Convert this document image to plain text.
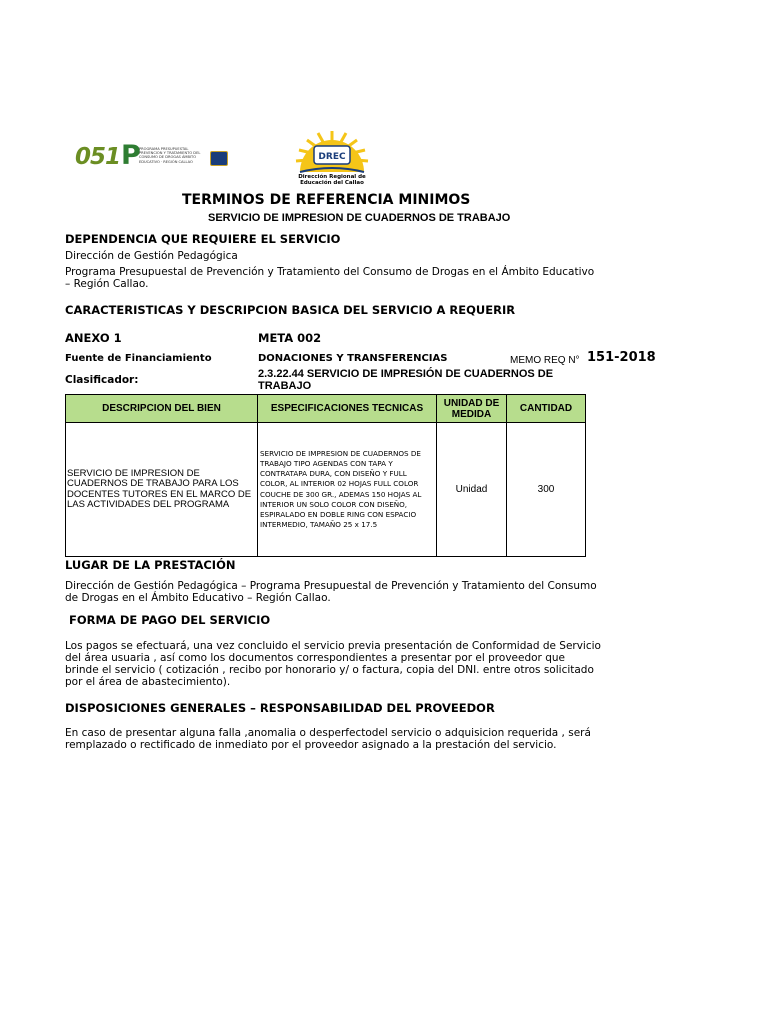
051 P
PROGRAMA PRESUPUESTAL PREVENCION Y TRATAMIENTO DEL CONSUMO DE DROGAS ÁMBITO EDUCATIVO · REGIÓN CALLAO	DREC
Dirección Regional de
Educación del Callao
TERMINOS DE REFERENCIA MINIMOS
SERVICIO DE IMPRESION DE CUADERNOS DE TRABAJO
DEPENDENCIA QUE REQUIERE EL SERVICIO
Dirección de Gestión Pedagógica
Programa Presupuestal de Prevención y Tratamiento del Consumo de Drogas en el Ámbito Educativo
– Región Callao.
CARACTERISTICAS Y DESCRIPCION BASICA DEL SERVICIO A REQUERIR
ANEXO 1	META 002
Fuente de Financiamiento	DONACIONES Y TRANSFERENCIAS	MEMO REQ N° 151-2018
Clasificador:	2.3.22.44 SERVICIO DE IMPRESIÓN DE CUADERNOS DE
TRABAJO
DESCRIPCION DEL BIEN	ESPECIFICACIONES TECNICAS	UNIDAD DE MEDIDA	CANTIDAD
SERVICIO DE IMPRESION DE CUADERNOS DE TRABAJO PARA LOS DOCENTES TUTORES EN EL MARCO DE LAS ACTIVIDADES DEL PROGRAMA	SERVICIO DE IMPRESION DE CUADERNOS DE TRABAJO TIPO AGENDAS CON TAPA Y CONTRATAPA DURA, CON DISEÑO Y FULL COLOR, AL INTERIOR 02 HOJAS FULL COLOR COUCHE DE 300 GR., ADEMAS 150 HOJAS AL INTERIOR UN SOLO COLOR CON DISEÑO, ESPIRALADO EN DOBLE RING CON ESPACIO INTERMEDIO, TAMAÑO 25 x 17.5	Unidad	300
LUGAR DE LA PRESTACIÓN
Dirección de Gestión Pedagógica – Programa Presupuestal de Prevención y Tratamiento del Consumo
de Drogas en el Ámbito Educativo – Región Callao.
FORMA DE PAGO DEL SERVICIO
Los pagos se efectuará, una vez concluido el servicio previa presentación de Conformidad de Servicio
del área usuaria , así como los documentos correspondientes a presentar por el proveedor que
brinde el servicio ( cotización , recibo por honorario y/ o factura, copia del DNI. entre otros solicitado
por el área de abastecimiento).
DISPOSICIONES GENERALES – RESPONSABILIDAD DEL PROVEEDOR
En caso de presentar alguna falla ,anomalia o desperfectodel servicio o adquisicion requerida , será
remplazado o rectificado de inmediato por el proveedor asignado a la prestación del servicio.
